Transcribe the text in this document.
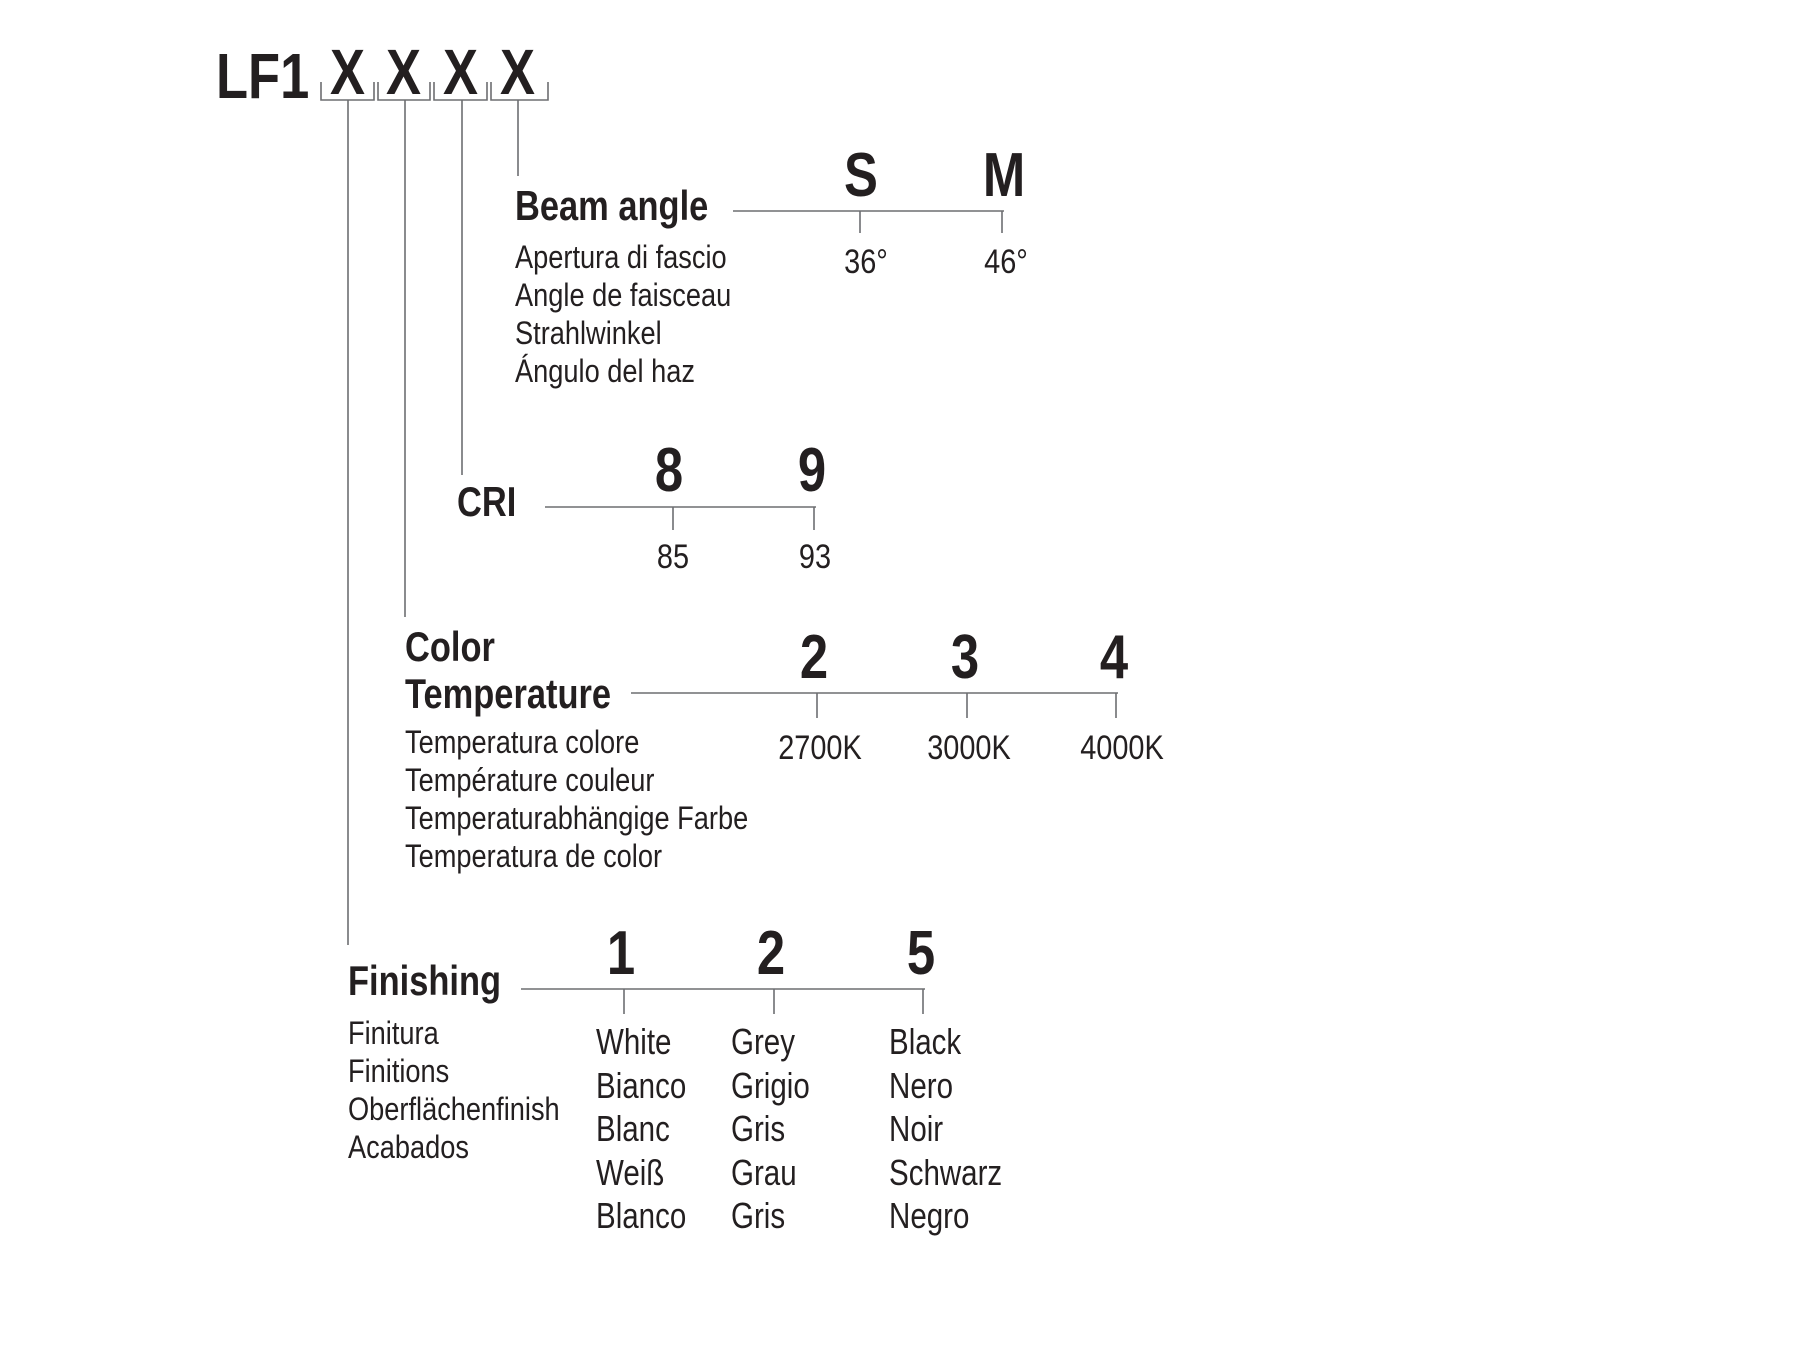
LF1 X X X X
Beam angle
Apertura di fascio
Angle de faisceau
Strahlwinkel
Ángulo del haz
S M
36°	46°
CRI 8 9
85	93
Color
Temperature
Temperatura colore
Température couleur
Temperaturabhängige Farbe
Temperatura de color
2 3 4
2700K 3000K 4000K
Finishing
Finitura
Finitions
Oberflächenfinish
Acabados
1 2 5
White
Bianco
Blanc
Weiß
Blanco
Grey
Grigio
Gris
Grau
Gris
Black
Nero
Noir
Schwarz
Negro
